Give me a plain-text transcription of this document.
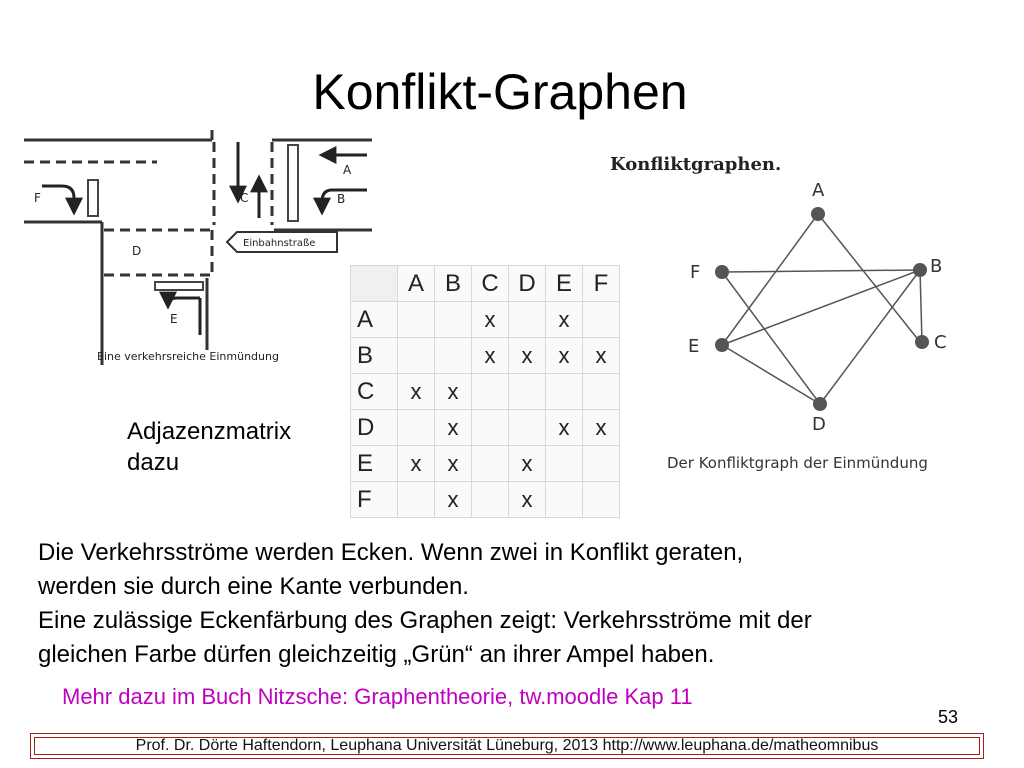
Konflikt-Graphen
F	C
A
B
D
E
Einbahnstraße
Eine verkehrsreiche Einmündung
	A	B	C	D	E	F
A			x		x	
B			x	x	x	x
C	x	x				
D		x			x	x
E	x	x		x		
F		x		x		
Konfliktgraphen.
A
B
C
D
E
F
Der Konfliktgraph der Einmündung
Adjazenzmatrix
dazu
Die Verkehrsströme werden Ecken. Wenn zwei in Konflikt geraten,
werden sie durch eine Kante verbunden.
Eine zulässige Eckenfärbung des Graphen zeigt: Verkehrsströme mit der
gleichen Farbe dürfen gleichzeitig „Grün“ an ihrer Ampel haben.
Mehr dazu im Buch Nitzsche: Graphentheorie, tw.moodle Kap 11
53
Prof. Dr. Dörte Haftendorn, Leuphana Universität Lüneburg, 2013 http://www.leuphana.de/matheomnibus
